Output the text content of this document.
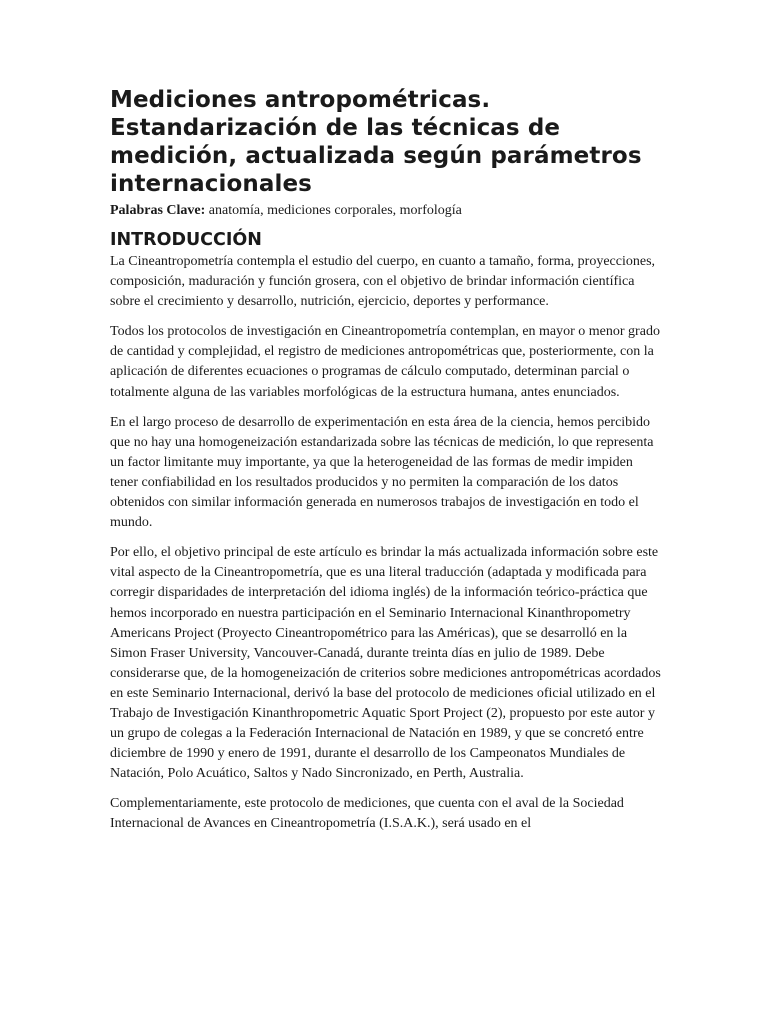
Mediciones antropométricas. Estandarización de las técnicas de medición, actualizada según parámetros internacionales

Palabras Clave: anatomía, mediciones corporales, morfología

INTRODUCCIÓN

La Cineantropometría contempla el estudio del cuerpo, en cuanto a tamaño, forma, proyecciones, composición, maduración y función grosera, con el objetivo de brindar información científica sobre el crecimiento y desarrollo, nutrición, ejercicio, deportes y performance.

Todos los protocolos de investigación en Cineantropometría contemplan, en mayor o menor grado de cantidad y complejidad, el registro de mediciones antropométricas que, posteriormente, con la aplicación de diferentes ecuaciones o programas de cálculo computado, determinan parcial o totalmente alguna de las variables morfológicas de la estructura humana, antes enunciados.

En el largo proceso de desarrollo de experimentación en esta área de la ciencia, hemos percibido que no hay una homogeneización estandarizada sobre las técnicas de medición, lo que representa un factor limitante muy importante, ya que la heterogeneidad de las formas de medir impiden tener confiabilidad en los resultados producidos y no permiten la comparación de los datos obtenidos con similar información generada en numerosos trabajos de investigación en todo el mundo.

Por ello, el objetivo principal de este artículo es brindar la más actualizada información sobre este vital aspecto de la Cineantropometría, que es una literal traducción (adaptada y modificada para corregir disparidades de interpretación del idioma inglés) de la información teórico-práctica que hemos incorporado en nuestra participación en el Seminario Internacional Kinanthropometry Americans Project (Proyecto Cineantropométrico para las Américas), que se desarrolló en la Simon Fraser University, Vancouver-Canadá, durante treinta días en julio de 1989. Debe considerarse que, de la homogeneización de criterios sobre mediciones antropométricas acordados en este Seminario Internacional, derivó la base del protocolo de mediciones oficial utilizado en el Trabajo de Investigación Kinanthropometric Aquatic Sport Project (2), propuesto por este autor y un grupo de colegas a la Federación Internacional de Natación en 1989, y que se concretó entre diciembre de 1990 y enero de 1991, durante el desarrollo de los Campeonatos Mundiales de Natación, Polo Acuático, Saltos y Nado Sincronizado, en Perth, Australia.

Complementariamente, este protocolo de mediciones, que cuenta con el aval de la Sociedad Internacional de Avances en Cineantropometría (I.S.A.K.), será usado en el
